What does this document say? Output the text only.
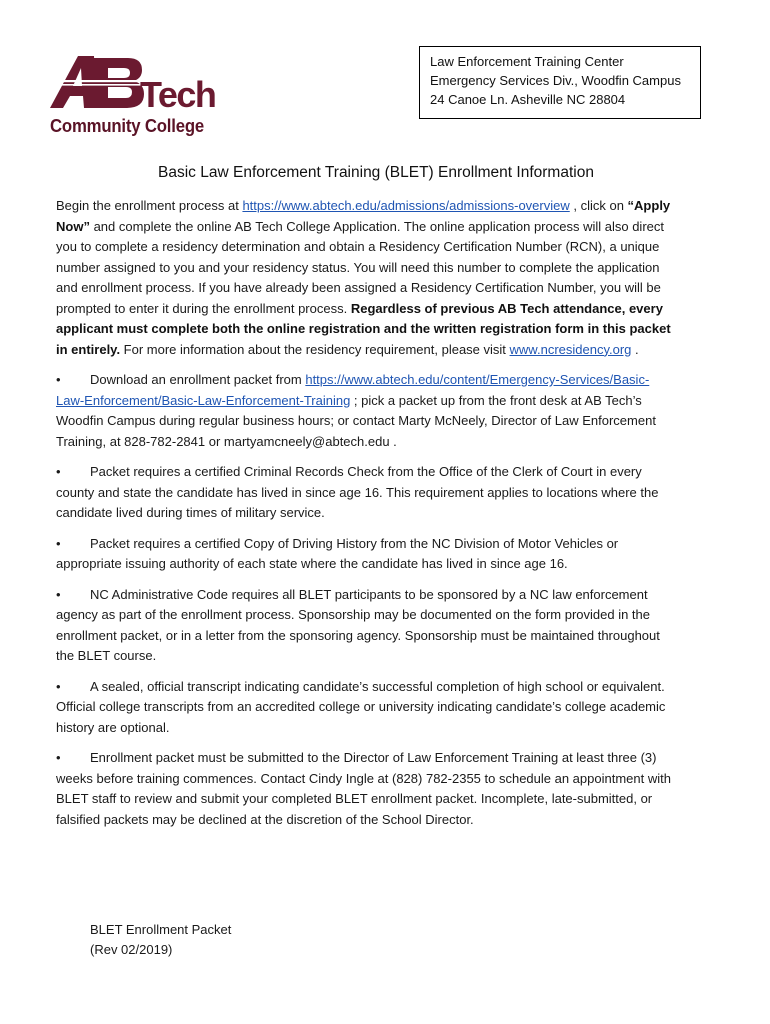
Tech
Community College
Law Enforcement Training Center
Emergency Services Div., Woodfin Campus
24 Canoe Ln. Asheville NC 28804
Basic Law Enforcement Training (BLET) Enrollment Information

Begin the enrollment process at https://www.abtech.edu/admissions/admissions-overview , click on “Apply Now” and complete the online AB Tech College Application. The online application process will also direct you to complete a residency determination and obtain a Residency Certification Number (RCN), a unique number assigned to you and your residency status. You will need this number to complete the application and enrollment process. If you have already been assigned a Residency Certification Number, you will be prompted to enter it during the enrollment process. Regardless of previous AB Tech attendance, every applicant must complete both the online registration and the written registration form in this packet in entirely. For more information about the residency requirement, please visit www.ncresidency.org .

• Download an enrollment packet from https://www.abtech.edu/content/Emergency-Services/Basic-Law-Enforcement/Basic-Law-Enforcement-Training ; pick a packet up from the front desk at AB Tech’s Woodfin Campus during regular business hours; or contact Marty McNeely, Director of Law Enforcement Training, at 828-782-2841 or martyamcneely@abtech.edu .

• Packet requires a certified Criminal Records Check from the Office of the Clerk of Court in every county and state the candidate has lived in since age 16. This requirement applies to locations where the candidate lived during times of military service.

• Packet requires a certified Copy of Driving History from the NC Division of Motor Vehicles or appropriate issuing authority of each state where the candidate has lived in since age 16.

• NC Administrative Code requires all BLET participants to be sponsored by a NC law enforcement agency as part of the enrollment process. Sponsorship may be documented on the form provided in the enrollment packet, or in a letter from the sponsoring agency. Sponsorship must be maintained throughout the BLET course.

• A sealed, official transcript indicating candidate’s successful completion of high school or equivalent. Official college transcripts from an accredited college or university indicating candidate’s college academic history are optional.

• Enrollment packet must be submitted to the Director of Law Enforcement Training at least three (3) weeks before training commences. Contact Cindy Ingle at (828) 782-2355 to schedule an appointment with BLET staff to review and submit your completed BLET enrollment packet. Incomplete, late-submitted, or falsified packets may be declined at the discretion of the School Director.

BLET Enrollment Packet
(Rev 02/2019)
